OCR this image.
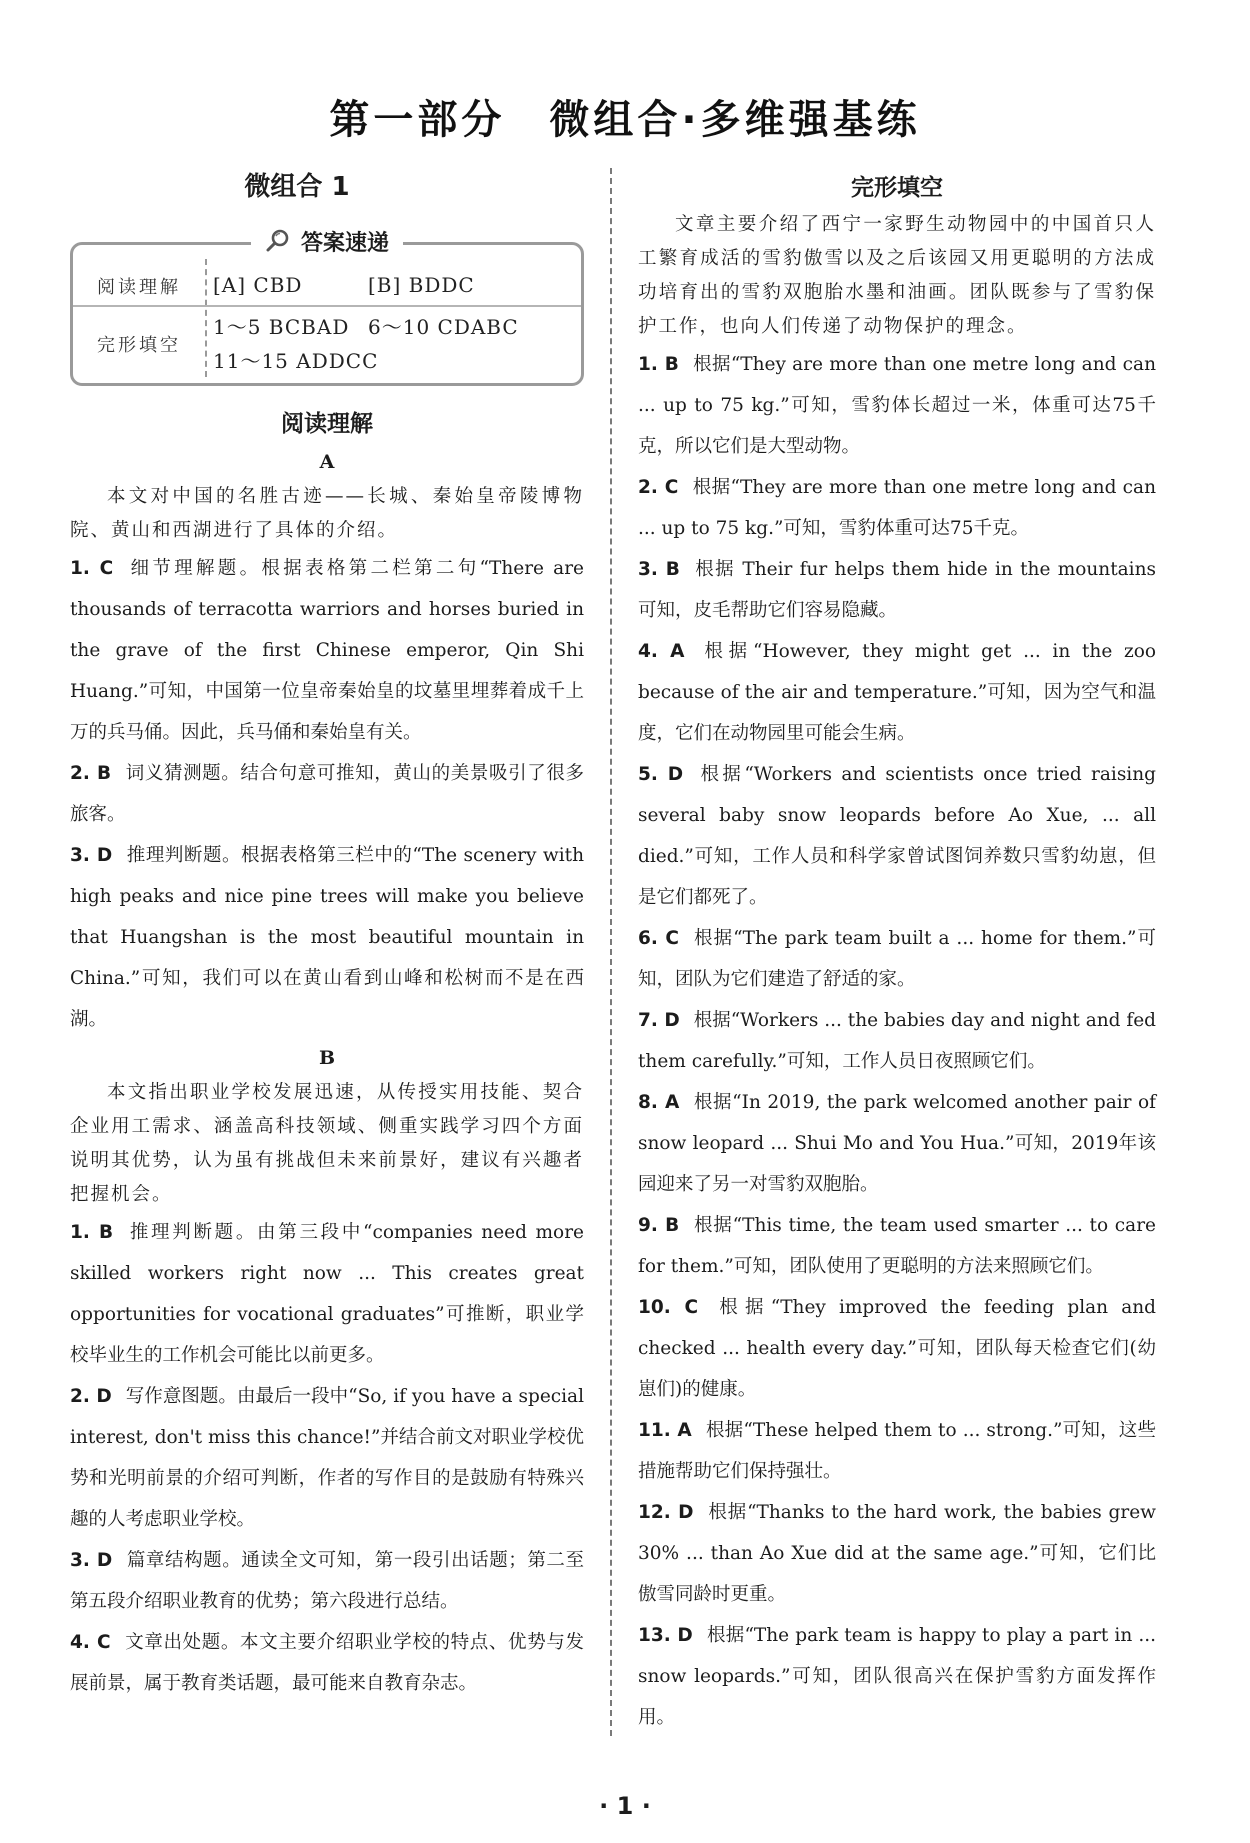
第一部分　微组合·多维强基练
微组合 1
答案速递
阅读理解	[A] CBD	[B] BDDC
完形填空
1～5 BCBAD 6～10 CDABC
11～15 ADDCC
阅读理解
A

本文对中国的名胜古迹——长城、秦始皇帝陵博物院、黄山和西湖进行了具体的介绍。

1. C 细节理解题。根据表格第二栏第二句“There are thousands of terracotta warriors and horses buried in the grave of the first Chinese emperor, Qin Shi Huang.”可知，中国第一位皇帝秦始皇的坟墓里埋葬着成千上万的兵马俑。因此，兵马俑和秦始皇有关。

2. B 词义猜测题。结合句意可推知，黄山的美景吸引了很多旅客。

3. D 推理判断题。根据表格第三栏中的“The scenery with high peaks and nice pine trees will make you believe that Huangshan is the most beautiful mountain in China.”可知，我们可以在黄山看到山峰和松树而不是在西湖。

B

本文指出职业学校发展迅速，从传授实用技能、契合企业用工需求、涵盖高科技领域、侧重实践学习四个方面说明其优势，认为虽有挑战但未来前景好，建议有兴趣者把握机会。

1. B 推理判断题。由第三段中“companies need more skilled workers right now ... This creates great opportunities for vocational graduates”可推断，职业学校毕业生的工作机会可能比以前更多。

2. D 写作意图题。由最后一段中“So, if you have a special interest, don't miss this chance!”并结合前文对职业学校优势和光明前景的介绍可判断，作者的写作目的是鼓励有特殊兴趣的人考虑职业学校。

3. D 篇章结构题。通读全文可知，第一段引出话题；第二至第五段介绍职业教育的优势；第六段进行总结。

4. C 文章出处题。本文主要介绍职业学校的特点、优势与发展前景，属于教育类话题，最可能来自教育杂志。

完形填空

文章主要介绍了西宁一家野生动物园中的中国首只人工繁育成活的雪豹傲雪以及之后该园又用更聪明的方法成功培育出的雪豹双胞胎水墨和油画。团队既参与了雪豹保护工作，也向人们传递了动物保护的理念。

1. B 根据“They are more than one metre long and can ... up to 75 kg.”可知，雪豹体长超过一米，体重可达75千克，所以它们是大型动物。

2. C 根据“They are more than one metre long and can ... up to 75 kg.”可知，雪豹体重可达75千克。

3. B 根据 Their fur helps them hide in the mountains 可知，皮毛帮助它们容易隐藏。

4. A 根据“However, they might get ... in the zoo because of the air and temperature.”可知，因为空气和温度，它们在动物园里可能会生病。

5. D 根据“Workers and scientists once tried raising several baby snow leopards before Ao Xue, ... all died.”可知，工作人员和科学家曾试图饲养数只雪豹幼崽，但是它们都死了。

6. C 根据“The park team built a ... home for them.”可知，团队为它们建造了舒适的家。

7. D 根据“Workers ... the babies day and night and fed them carefully.”可知，工作人员日夜照顾它们。

8. A 根据“In 2019, the park welcomed another pair of snow leopard ... Shui Mo and You Hua.”可知，2019年该园迎来了另一对雪豹双胞胎。

9. B 根据“This time, the team used smarter ... to care for them.”可知，团队使用了更聪明的方法来照顾它们。

10. C 根据“They improved the feeding plan and checked ... health every day.”可知，团队每天检查它们(幼崽们)的健康。

11. A 根据“These helped them to ... strong.”可知，这些措施帮助它们保持强壮。

12. D 根据“Thanks to the hard work, the babies grew 30% ... than Ao Xue did at the same age.”可知，它们比傲雪同龄时更重。

13. D 根据“The park team is happy to play a part in ... snow leopards.”可知，团队很高兴在保护雪豹方面发挥作用。

· 1 ·
